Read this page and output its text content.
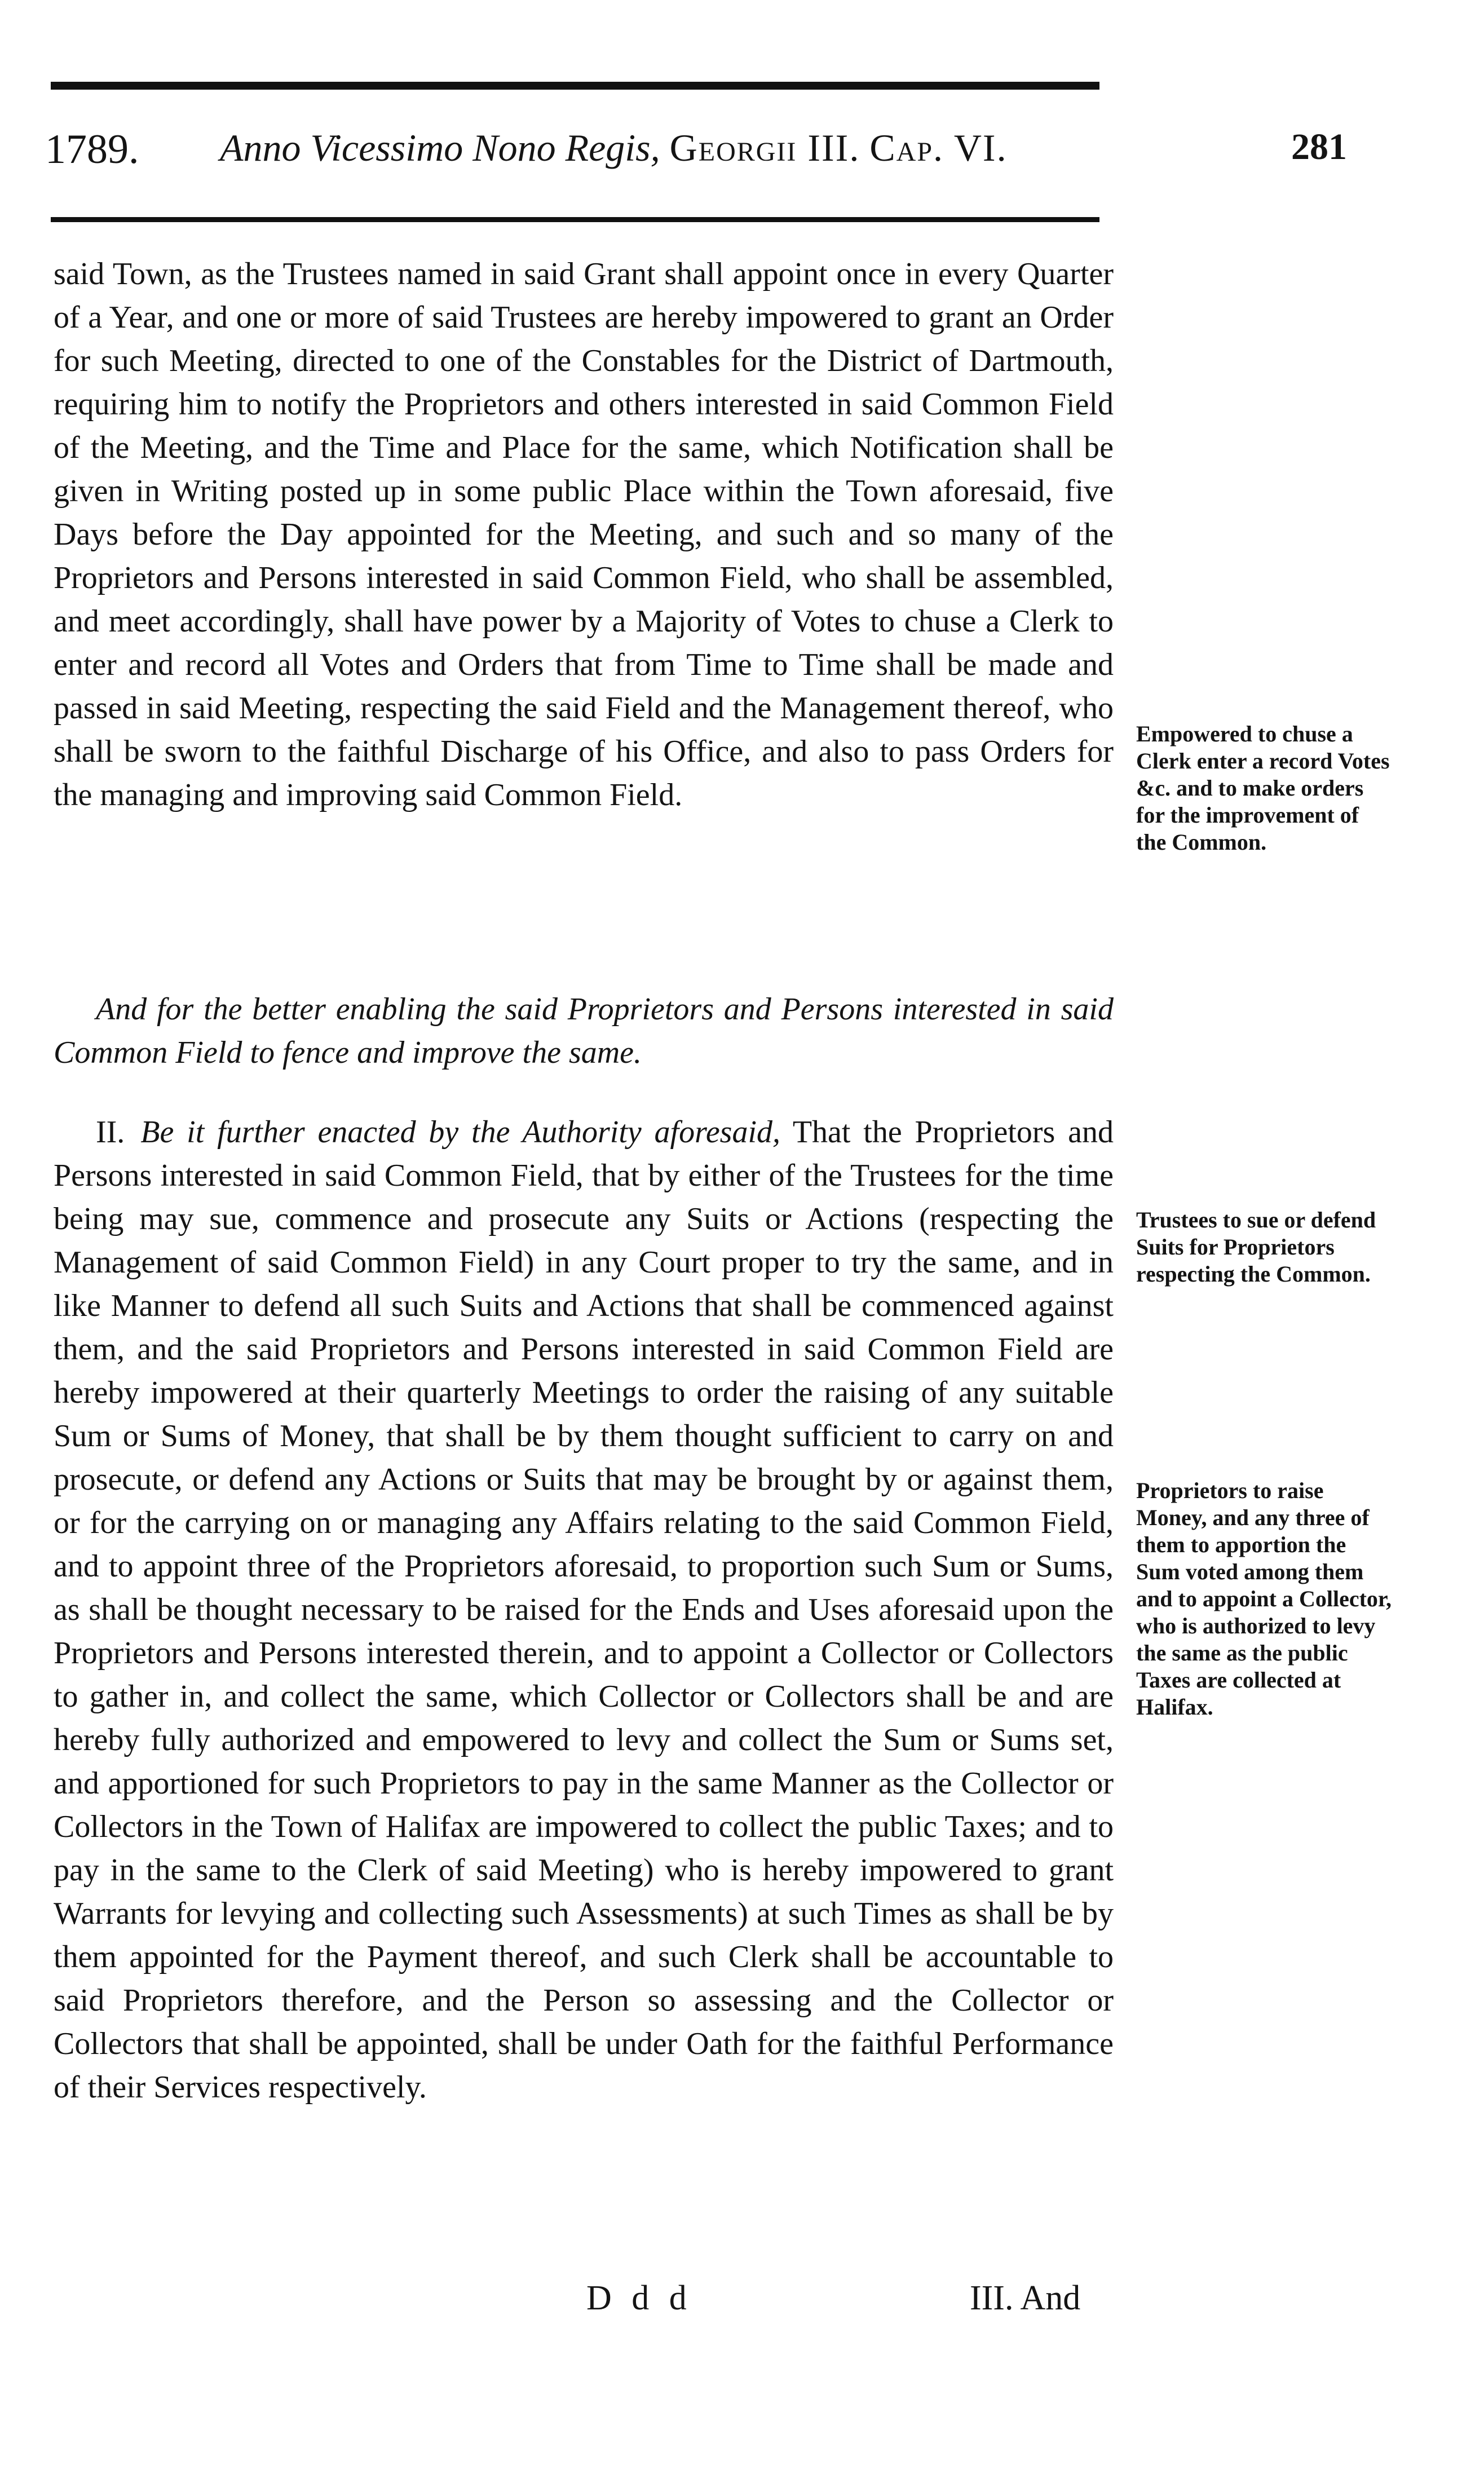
1789. Anno Vicessimo Nono Regis, Georgii III. Cap. VI.	281

said Town, as the Trustees named in said Grant shall appoint once in every Quarter of a Year, and one or more of said Trustees are hereby impowered to grant an Order for such Meeting, directed to one of the Constables for the District of Dartmouth, requiring him to notify the Proprietors and others interested in said Common Field of the Meeting, and the Time and Place for the same, which Notification shall be given in Writing posted up in some public Place within the Town aforesaid, five Days before the Day appointed for the Meeting, and such and so many of the Proprietors and Persons interested in said Common Field, who shall be assembled, and meet accordingly, shall have power by a Majority of Votes to chuse a Clerk to enter and record all Votes and Orders that from Time to Time shall be made and passed in said Meeting, respecting the said Field and the Management thereof, who shall be sworn to the faithful Discharge of his Office, and also to pass Orders for the managing and improving said Common Field.

And for the better enabling the said Proprietors and Persons interested in said Common Field to fence and improve the same.

II. Be it further enacted by the Authority aforesaid, That the Proprietors and Persons interested in said Common Field, that by either of the Trustees for the time being may sue, commence and prosecute any Suits or Actions (respecting the Management of said Common Field) in any Court proper to try the same, and in like Manner to defend all such Suits and Actions that shall be commenced against them, and the said Proprietors and Persons interested in said Common Field are hereby impowered at their quarterly Meetings to order the raising of any suitable Sum or Sums of Money, that shall be by them thought sufficient to carry on and prosecute, or defend any Actions or Suits that may be brought by or against them, or for the carrying on or managing any Affairs relating to the said Common Field, and to appoint three of the Proprietors aforesaid, to proportion such Sum or Sums, as shall be thought necessary to be raised for the Ends and Uses aforesaid upon the Proprietors and Persons interested therein, and to appoint a Collector or Collectors to gather in, and collect the same, which Collector or Collectors shall be and are hereby fully authorized and empowered to levy and collect the Sum or Sums set, and apportioned for such Proprietors to pay in the same Manner as the Collector or Collectors in the Town of Halifax are impowered to collect the public Taxes; and to pay in the same to the Clerk of said Meeting) who is hereby impowered to grant Warrants for levying and collecting such Assessments) at such Times as shall be by them appointed for the Payment thereof, and such Clerk shall be accountable to said Proprietors therefore, and the Person so assessing and the Collector or Collectors that shall be appointed, shall be under Oath for the faithful Performance of their Services respectively.

Empowered to chuse a Clerk enter a record Votes &c. and to make orders for the improvement of the Common.
Trustees to sue or defend Suits for Proprietors respecting the Common.
Proprietors to raise Money, and any three of them to apportion the Sum voted among them and to appoint a Collector, who is authorized to levy the same as the public Taxes are collected at Halifax.
D d d	III. And
